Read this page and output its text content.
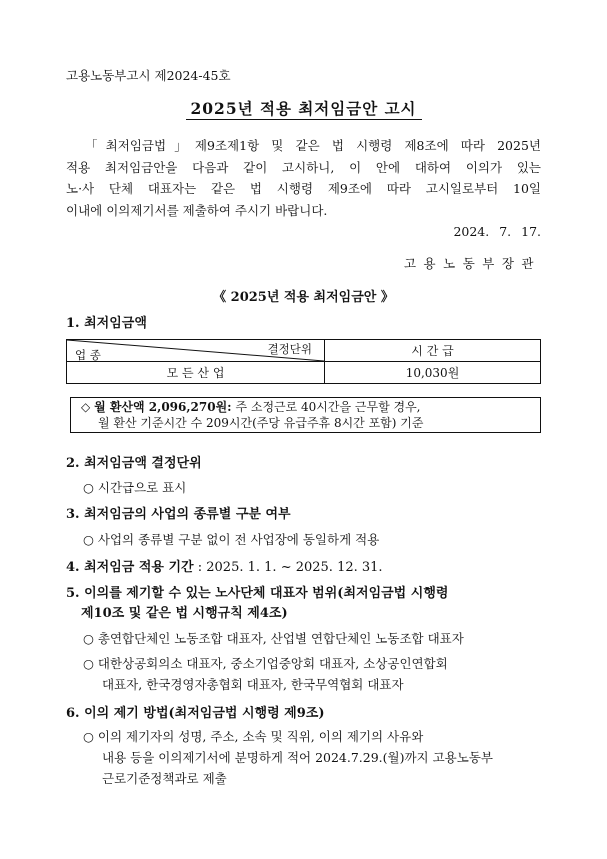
고용노동부고시 제2024-45호
2025년 적용 최저임금안 고시
「최저임금법」제9조제1항 및 같은 법 시행령 제8조에 따라 2025년
적용 최저임금안을 다음과 같이 고시하니, 이 안에 대하여 이의가 있는
노·사 단체 대표자는 같은 법 시행령 제9조에 따라 고시일로부터 10일
이내에 이의제기서를 제출하여 주시기 바랍니다.
2024. 7. 17.
고용노동부장관
《 2025년 적용 최저임금안 》
1. 최저임금액
결정단위
업 종	시 간 급
모 든 산 업	10,030원
◇ 월 환산액 2,096,270원: 주 소정근로 40시간을 근무할 경우,
월 환산 기준시간 수 209시간(주당 유급주휴 8시간 포함) 기준
2. 최저임금액 결정단위
○ 시간급으로 표시
3. 최저임금의 사업의 종류별 구분 여부
○ 사업의 종류별 구분 없이 전 사업장에 동일하게 적용
4. 최저임금 적용 기간 : 2025. 1. 1. ~ 2025. 12. 31.
5. 이의를 제기할 수 있는 노사단체 대표자 범위(최저임금법 시행령
제10조 및 같은 법 시행규칙 제4조)
○ 총연합단체인 노동조합 대표자, 산업별 연합단체인 노동조합 대표자
○ 대한상공회의소 대표자, 중소기업중앙회 대표자, 소상공인연합회
대표자, 한국경영자총협회 대표자, 한국무역협회 대표자
6. 이의 제기 방법(최저임금법 시행령 제9조)
○ 이의 제기자의 성명, 주소, 소속 및 직위, 이의 제기의 사유와
내용 등을 이의제기서에 분명하게 적어 2024.7.29.(월)까지 고용노동부
근로기준정책과로 제출
